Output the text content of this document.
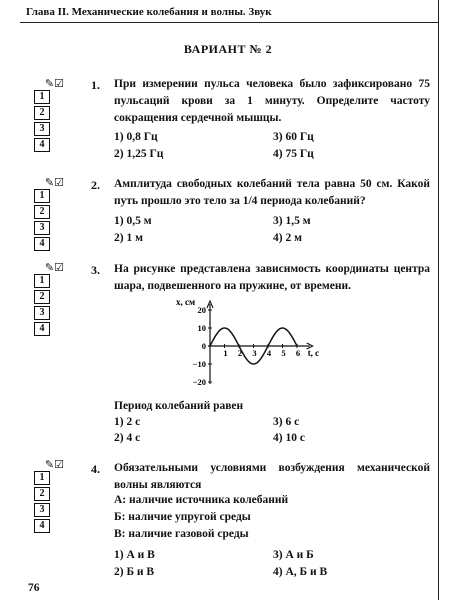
Глава II. Механические колебания и волны. Звук
ВАРИАНТ № 2
✎☑
1
2
3
4
✎☑
1
2
3
4
✎☑
1
2
3
4
✎☑
1
2
3
4
1. При измерении пульса человека было зафиксировано 75 пульсаций крови за 1 минуту. Определите частоту сокращения сердечной мышцы.
1) 0,8 Гц	3) 60 Гц
2) 1,25 Гц	4) 75 Гц
2. Амплитуда свободных колебаний тела равна 50 см. Какой путь прошло это тело за 1/4 периода колебаний?
1) 0,5 м	3) 1,5 м
2) 1 м	4) 2 м
3. На рисунке представлена зависимость координаты центра шара, подвешенного на пружине, от времени.
x, см
t, с
20
10
0
−10
−20
1 2 3 4 5 6
Период колебаний равен
1) 2 с	3) 6 с
2) 4 с	4) 10 с
4. Обязательными условиями возбуждения механической волны являются
А: наличие источника колебаний
Б: наличие упругой среды
В: наличие газовой среды
1) А и В	3) А и Б
2) Б и В	4) А, Б и В
76
